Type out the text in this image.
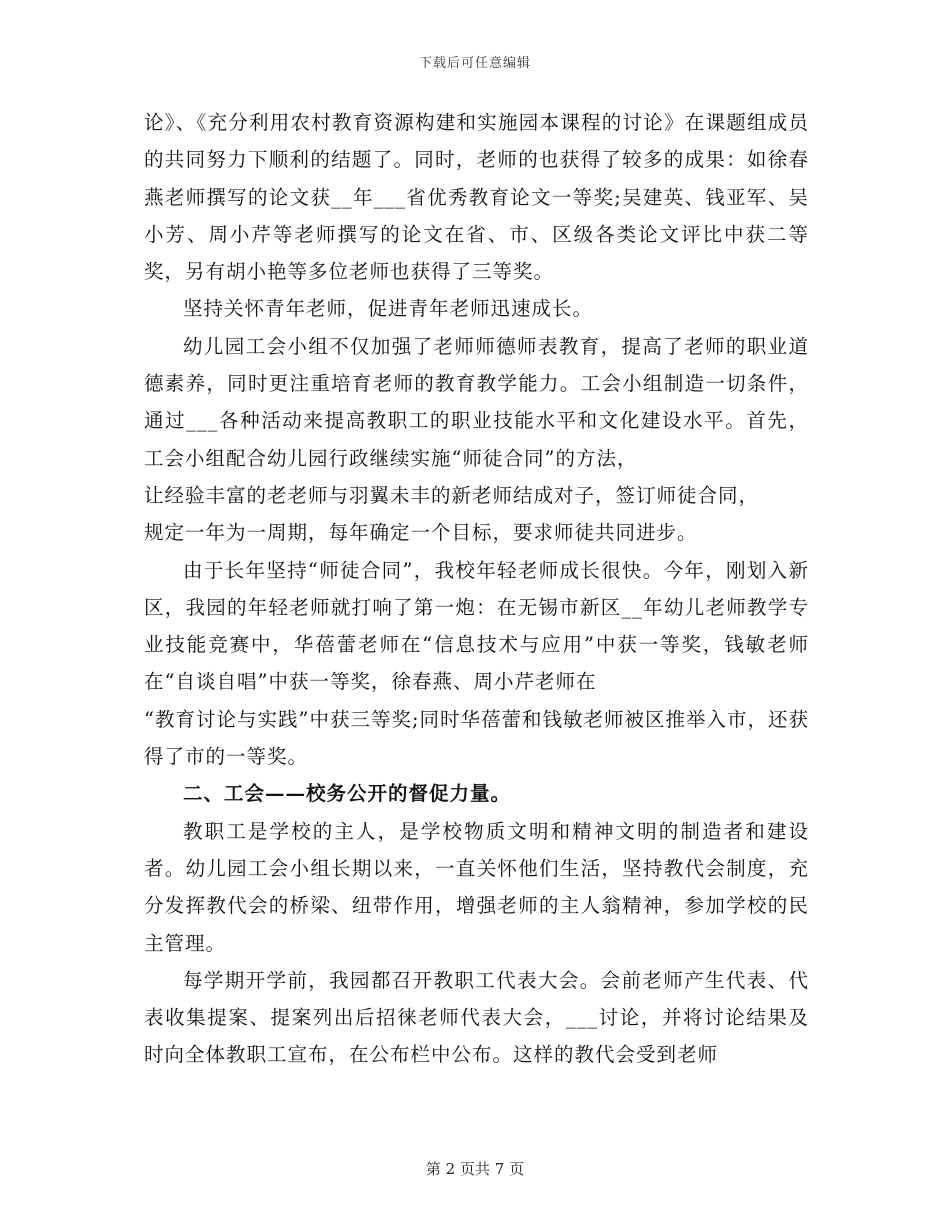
下载后可任意编辑

论》、《充分利用农村教育资源构建和实施园本课程的讨论》在课题组成员的共同努力下顺利的结题了。同时，老师的也获得了较多的成果：如徐春燕老师撰写的论文获__年___省优秀教育论文一等奖;吴建英、钱亚军、吴小芳、周小芹等老师撰写的论文在省、市、区级各类论文评比中获二等奖，另有胡小艳等多位老师也获得了三等奖。

坚持关怀青年老师，促进青年老师迅速成长。

幼儿园工会小组不仅加强了老师师德师表教育，提高了老师的职业道德素养，同时更注重培育老师的教育教学能力。工会小组制造一切条件，通过___各种活动来提高教职工的职业技能水平和文化建设水平。首先，工会小组配合幼儿园行政继续实施“师徒合同”的方法，
让经验丰富的老老师与羽翼未丰的新老师结成对子，签订师徒合同，
规定一年为一周期，每年确定一个目标，要求师徒共同进步。

由于长年坚持“师徒合同”，我校年轻老师成长很快。今年，刚划入新区，我园的年轻老师就打响了第一炮：在无锡市新区__年幼儿老师教学专业技能竞赛中，华蓓蕾老师在“信息技术与应用”中获一等奖，钱敏老师在“自谈自唱”中获一等奖，徐春燕、周小芹老师在
“教育讨论与实践”中获三等奖;同时华蓓蕾和钱敏老师被区推举入市，还获得了市的一等奖。

二、工会——校务公开的督促力量。

教职工是学校的主人，是学校物质文明和精神文明的制造者和建设者。幼儿园工会小组长期以来，一直关怀他们生活，坚持教代会制度，充分发挥教代会的桥梁、纽带作用，增强老师的主人翁精神，参加学校的民主管理。

每学期开学前，我园都召开教职工代表大会。会前老师产生代表、代表收集提案、提案列出后招徕老师代表大会，___讨论，并将讨论结果及时向全体教职工宣布，在公布栏中公布。这样的教代会受到老师

第 2 页共 7 页
